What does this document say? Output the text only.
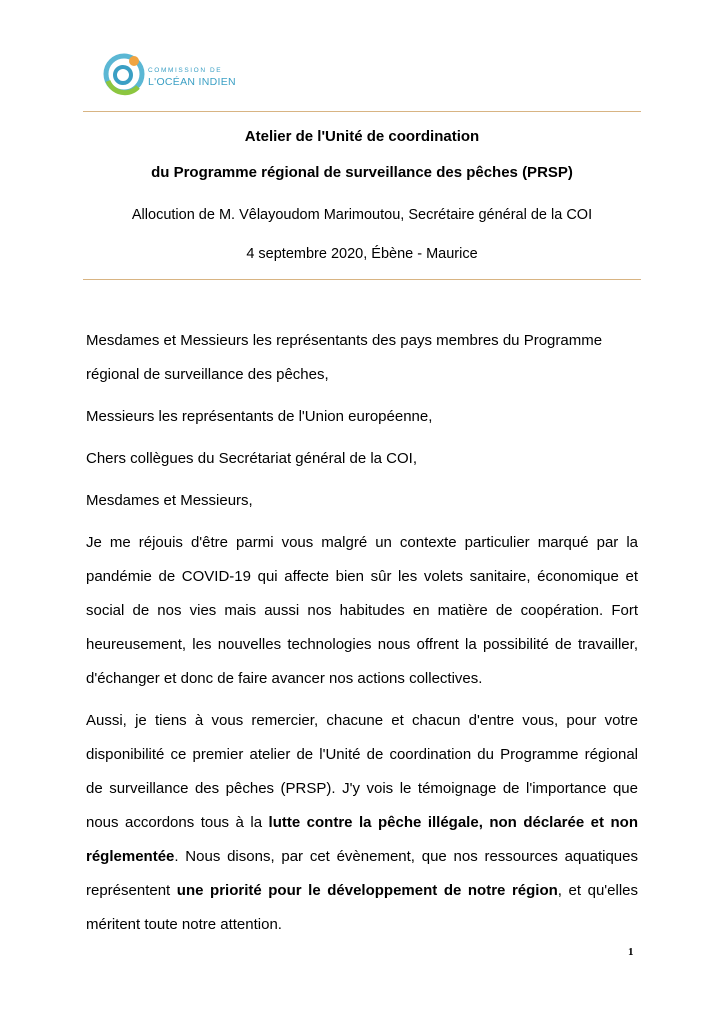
COMMISSION DE
L'OCÉAN INDIEN
Atelier de l'Unité de coordination
du Programme régional de surveillance des pêches (PRSP)
Allocution de M. Vêlayoudom Marimoutou, Secrétaire général de la COI
4 septembre 2020, Ébène - Maurice

Mesdames et Messieurs les représentants des pays membres du Programme régional de surveillance des pêches,

Messieurs les représentants de l'Union européenne,

Chers collègues du Secrétariat général de la COI,

Mesdames et Messieurs,

Je me réjouis d'être parmi vous malgré un contexte particulier marqué par la pandémie de COVID-19 qui affecte bien sûr les volets sanitaire, économique et social de nos vies mais aussi nos habitudes en matière de coopération. Fort heureusement, les nouvelles technologies nous offrent la possibilité de travailler, d'échanger et donc de faire avancer nos actions collectives.

Aussi, je tiens à vous remercier, chacune et chacun d'entre vous, pour votre disponibilité ce premier atelier de l'Unité de coordination du Programme régional de surveillance des pêches (PRSP). J'y vois le témoignage de l'importance que nous accordons tous à la lutte contre la pêche illégale, non déclarée et non réglementée. Nous disons, par cet évènement, que nos ressources aquatiques représentent une priorité pour le développement de notre région, et qu'elles méritent toute notre attention.

1
